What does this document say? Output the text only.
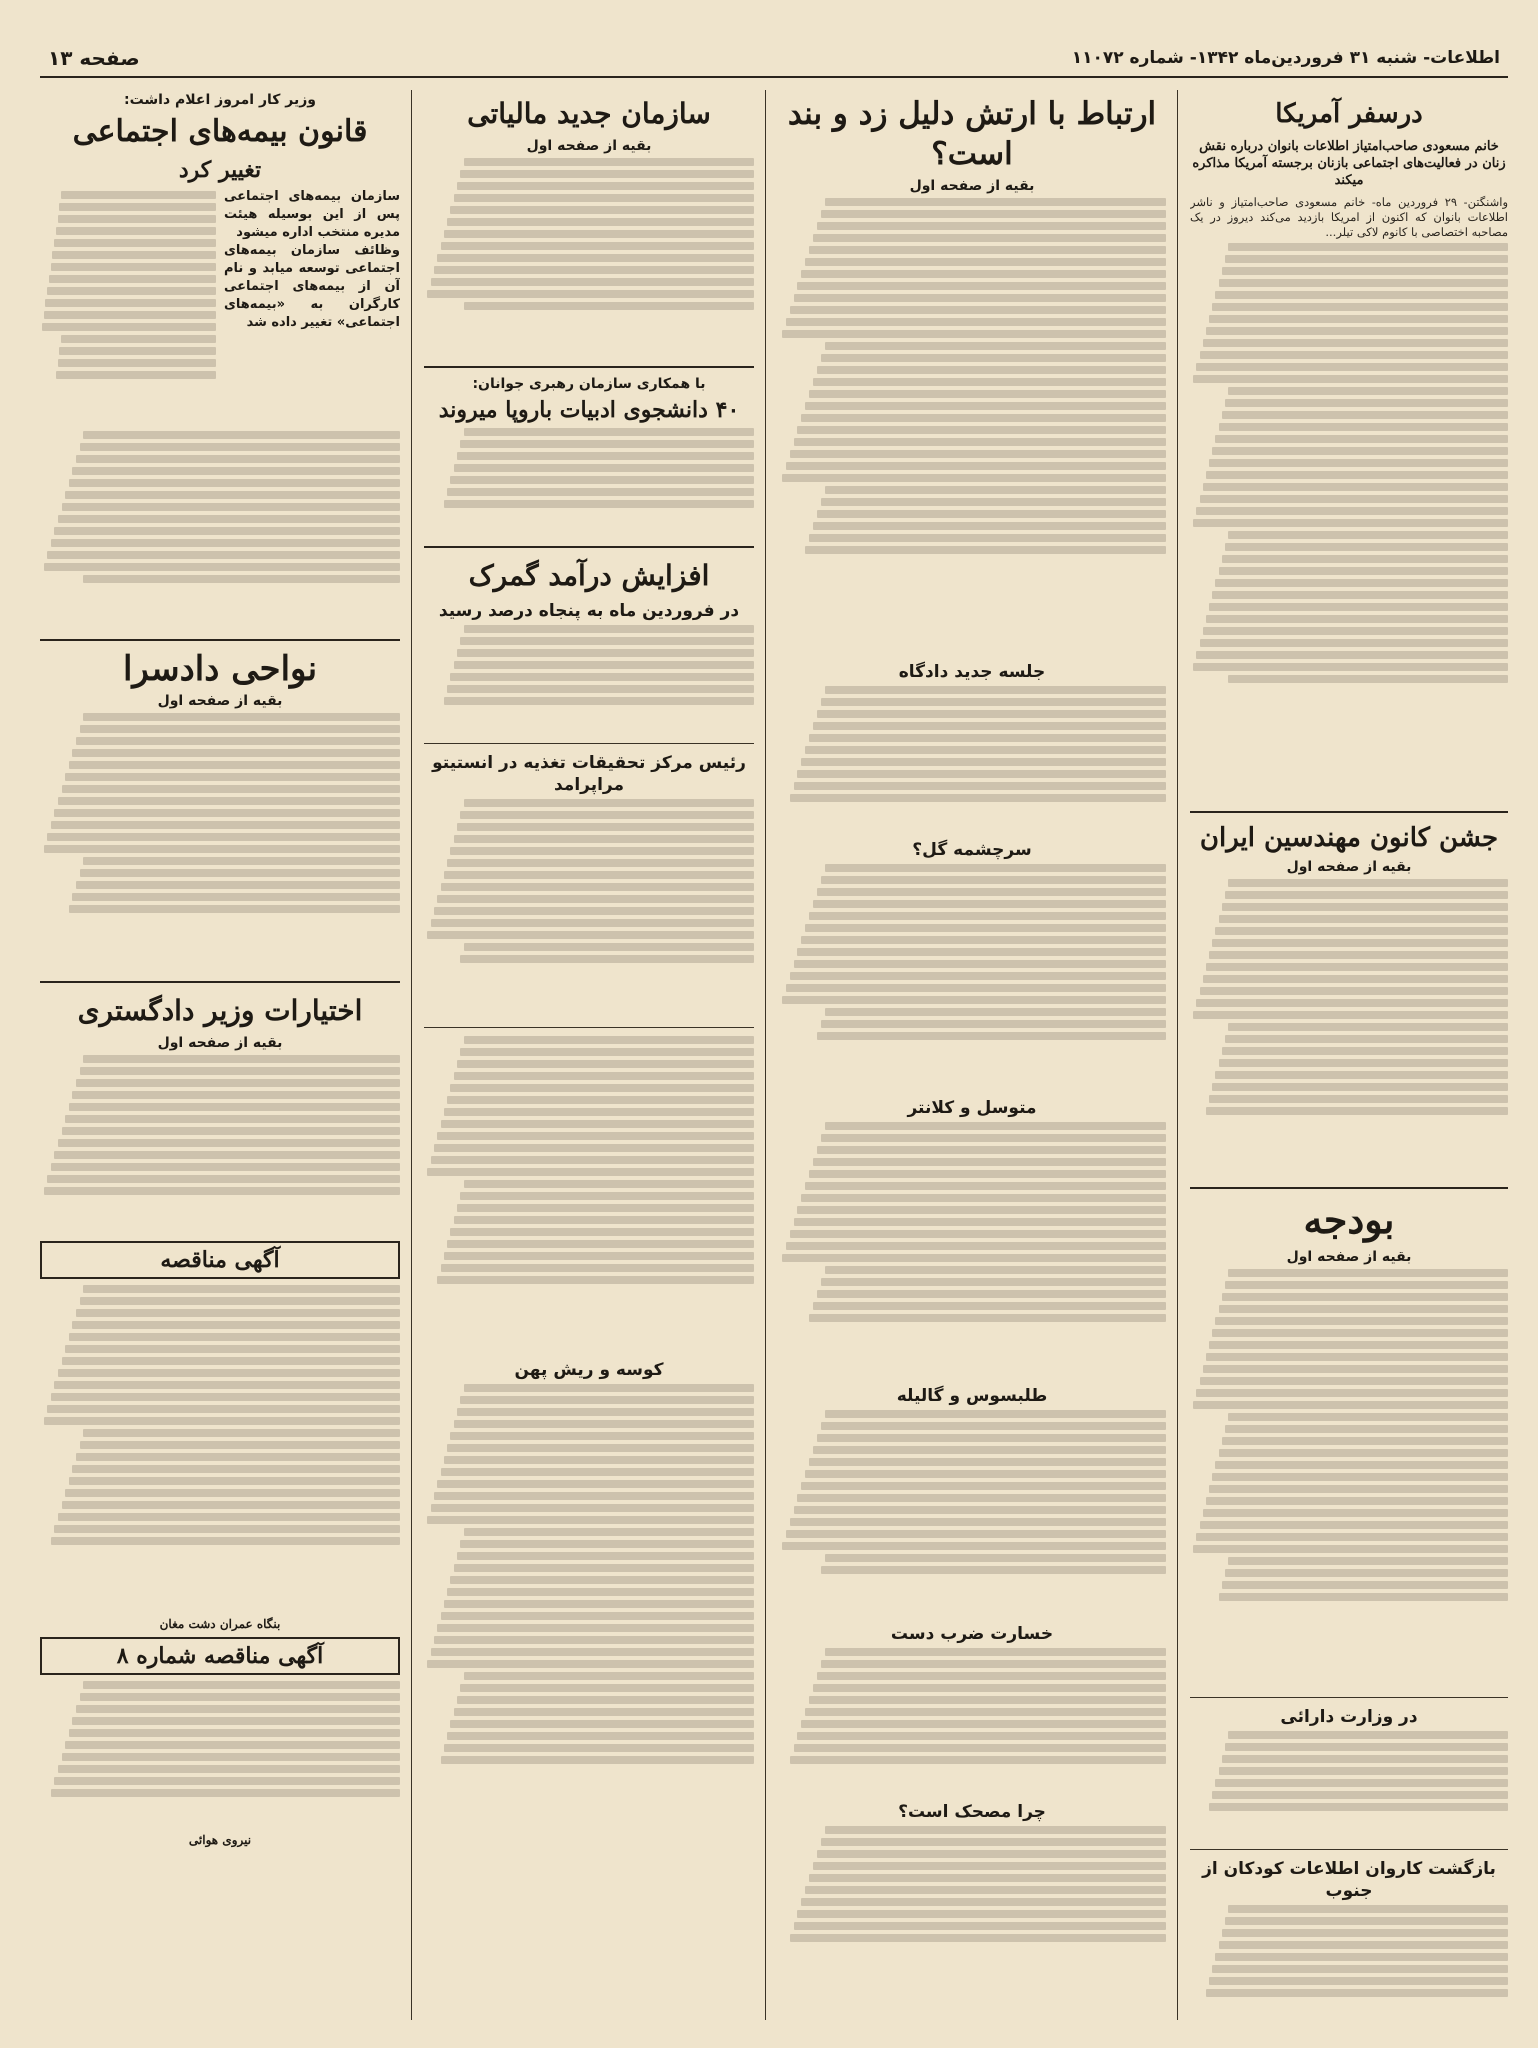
اطلاعات- شنبه ۳۱ فروردین‌ماه ۱۳۴۲- شماره ۱۱۰۷۲
صفحه ۱۳
درسفر آمریکا
خانم مسعودی صاحب‌امتیاز اطلاعات بانوان درباره نقش زنان در فعالیت‌های اجتماعی بازنان برجسته آمریکا مذاکره میکند
واشنگتن- ۲۹ فروردین ماه- خانم مسعودی صاحب‌امتیاز و ناشر اطلاعات بانوان که اکنون از امریکا بازدید می‌کند دیروز در یک مصاحبه اختصاصی با کانوم لاکی تیلر...
جشن کانون مهندسین ایران
بقیه از صفحه اول
بودجه
بقیه از صفحه اول
در وزارت دارائی
بازگشت کاروان اطلاعات کودکان از جنوب
ارتباط با ارتش دلیل زد و بند است؟
بقیه از صفحه اول
جلسه جدید دادگاه
سرچشمه گل؟
متوسل و کلانتر
طلبسوس و گالیله
خسارت ضرب دست
چرا مصحک است؟
سازمان جدید مالیاتی
بقیه از صفحه اول
با همکاری سازمان رهبری جوانان:
۴۰ دانشجوی ادبیات باروپا میروند
افزایش درآمد گمرک
در فروردین ماه به پنجاه درصد رسید
رئیس مرکز تحقیقات تغذیه در انستیتو مراپرامد
کوسه و ریش پهن
وزیر کار امروز اعلام داشت:
قانون بیمه‌های اجتماعی
تغییر کرد
سازمان بیمه‌های اجتماعی پس از این بوسیله هیئت مدیره منتخب اداره میشود
وظائف سازمان بیمه‌های اجتماعی توسعه میابد و نام آن از بیمه‌های اجتماعی کارگران به «بیمه‌های اجتماعی» تغییر داده شد
نواحی دادسرا
بقیه از صفحه اول
اختیارات وزیر دادگستری
بقیه از صفحه اول
آگهی مناقصه
بنگاه عمران دشت مغان
آگهی مناقصه شماره ۸
نیروی هوائی
